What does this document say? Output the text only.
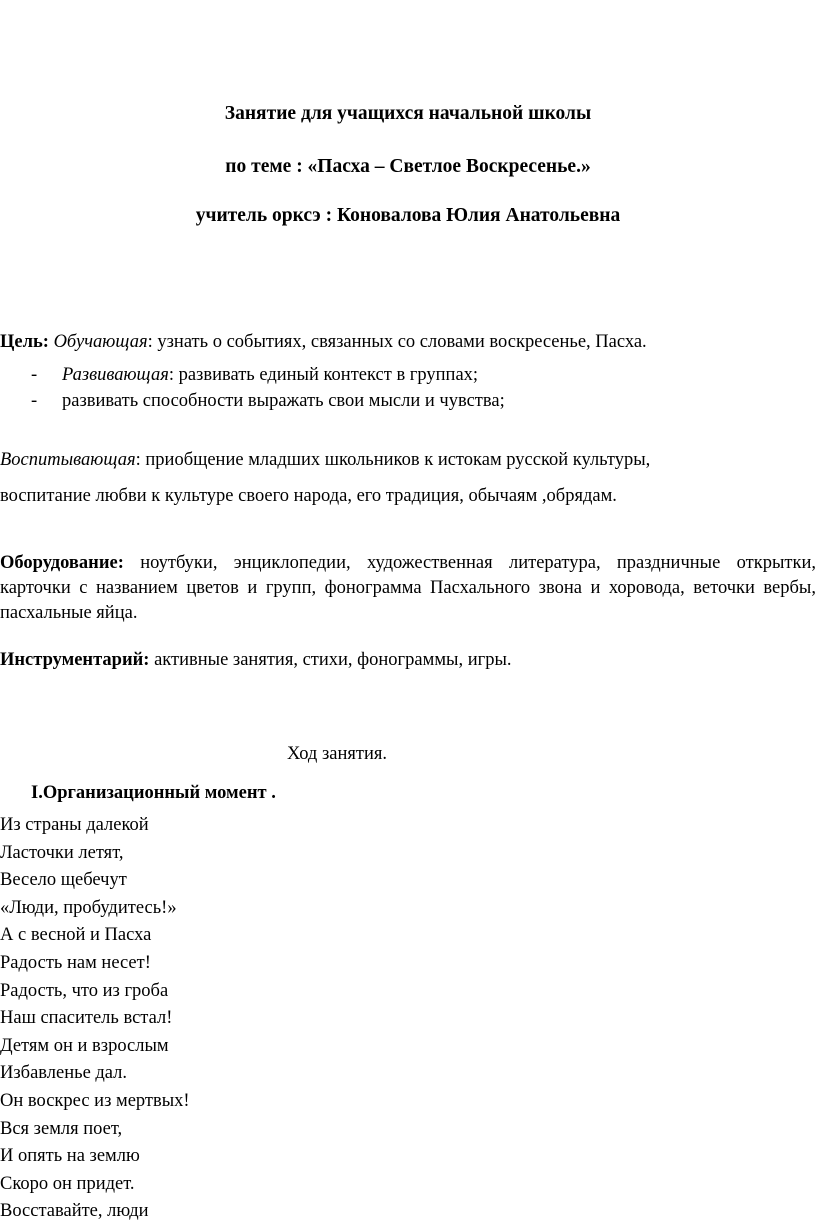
Занятие для учащихся начальной школы
по теме : «Пасха – Светлое Воскресенье.»
учитель орксэ : Коновалова Юлия Анатольевна
Цель: Обучающая: узнать о событиях, связанных со словами воскресенье, Пасха.
- Развивающая: развивать единый контекст в группах;
- развивать способности выражать свои мысли и чувства;
Воспитывающая: приобщение младших школьников к истокам русской культуры,
воспитание любви к культуре своего народа, его традиция, обычаям ,обрядам.
Оборудование: ноутбуки, энциклопедии, художественная литература, праздничные открытки, карточки с названием цветов и групп, фонограмма Пасхального звона и хоровода, веточки вербы, пасхальные яйца.
Инструментарий: активные занятия, стихи, фонограммы, игры.
Ход занятия.
I.Организационный момент .
Из страны далекой
Ласточки летят,
Весело щебечут
«Люди, пробудитесь!»
А с весной и Пасха
Радость нам несет!
Радость, что из гроба
Наш спаситель встал!
Детям он и взрослым
Избавленье дал.
Он воскрес из мертвых!
Вся земля поет,
И опять на землю
Скоро он придет.
Восставайте, люди
